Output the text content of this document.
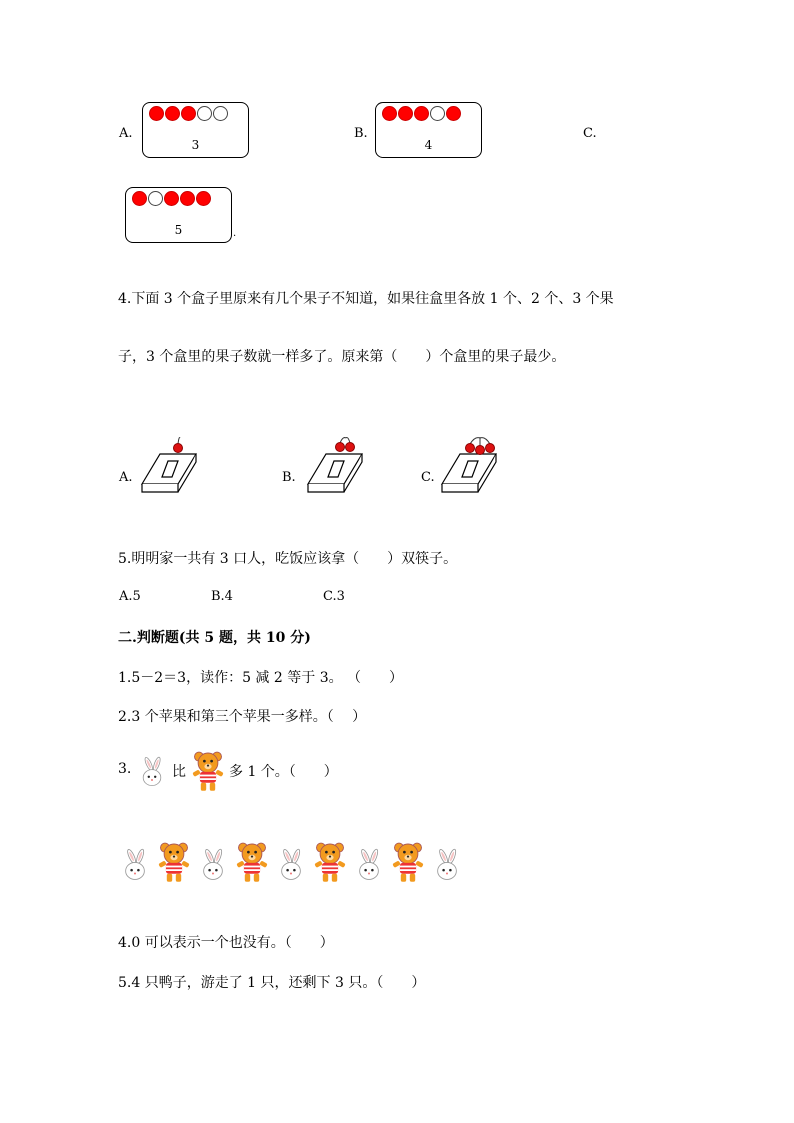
A.
3
B.
4
C.
5	.
4.下面 3 个盒子里原来有几个果子不知道，如果往盒里各放 1 个、2 个、3 个果
子，3 个盒里的果子数就一样多了。原来第（　　）个盒里的果子最少。
A.	B.	C.
5.明明家一共有 3 口人，吃饭应该拿（　　）双筷子。
A.5	B.4	C.3
二.判断题(共 5 题，共 10 分)
1.5－2＝3，读作：5 减 2 等于 3。 （　　）
2.3 个苹果和第三个苹果一多样。（　 ）
3.	比	多 1 个。（　　）
4.0 可以表示一个也没有。（　　）
5.4 只鸭子，游走了 1 只，还剩下 3 只。（　　）
